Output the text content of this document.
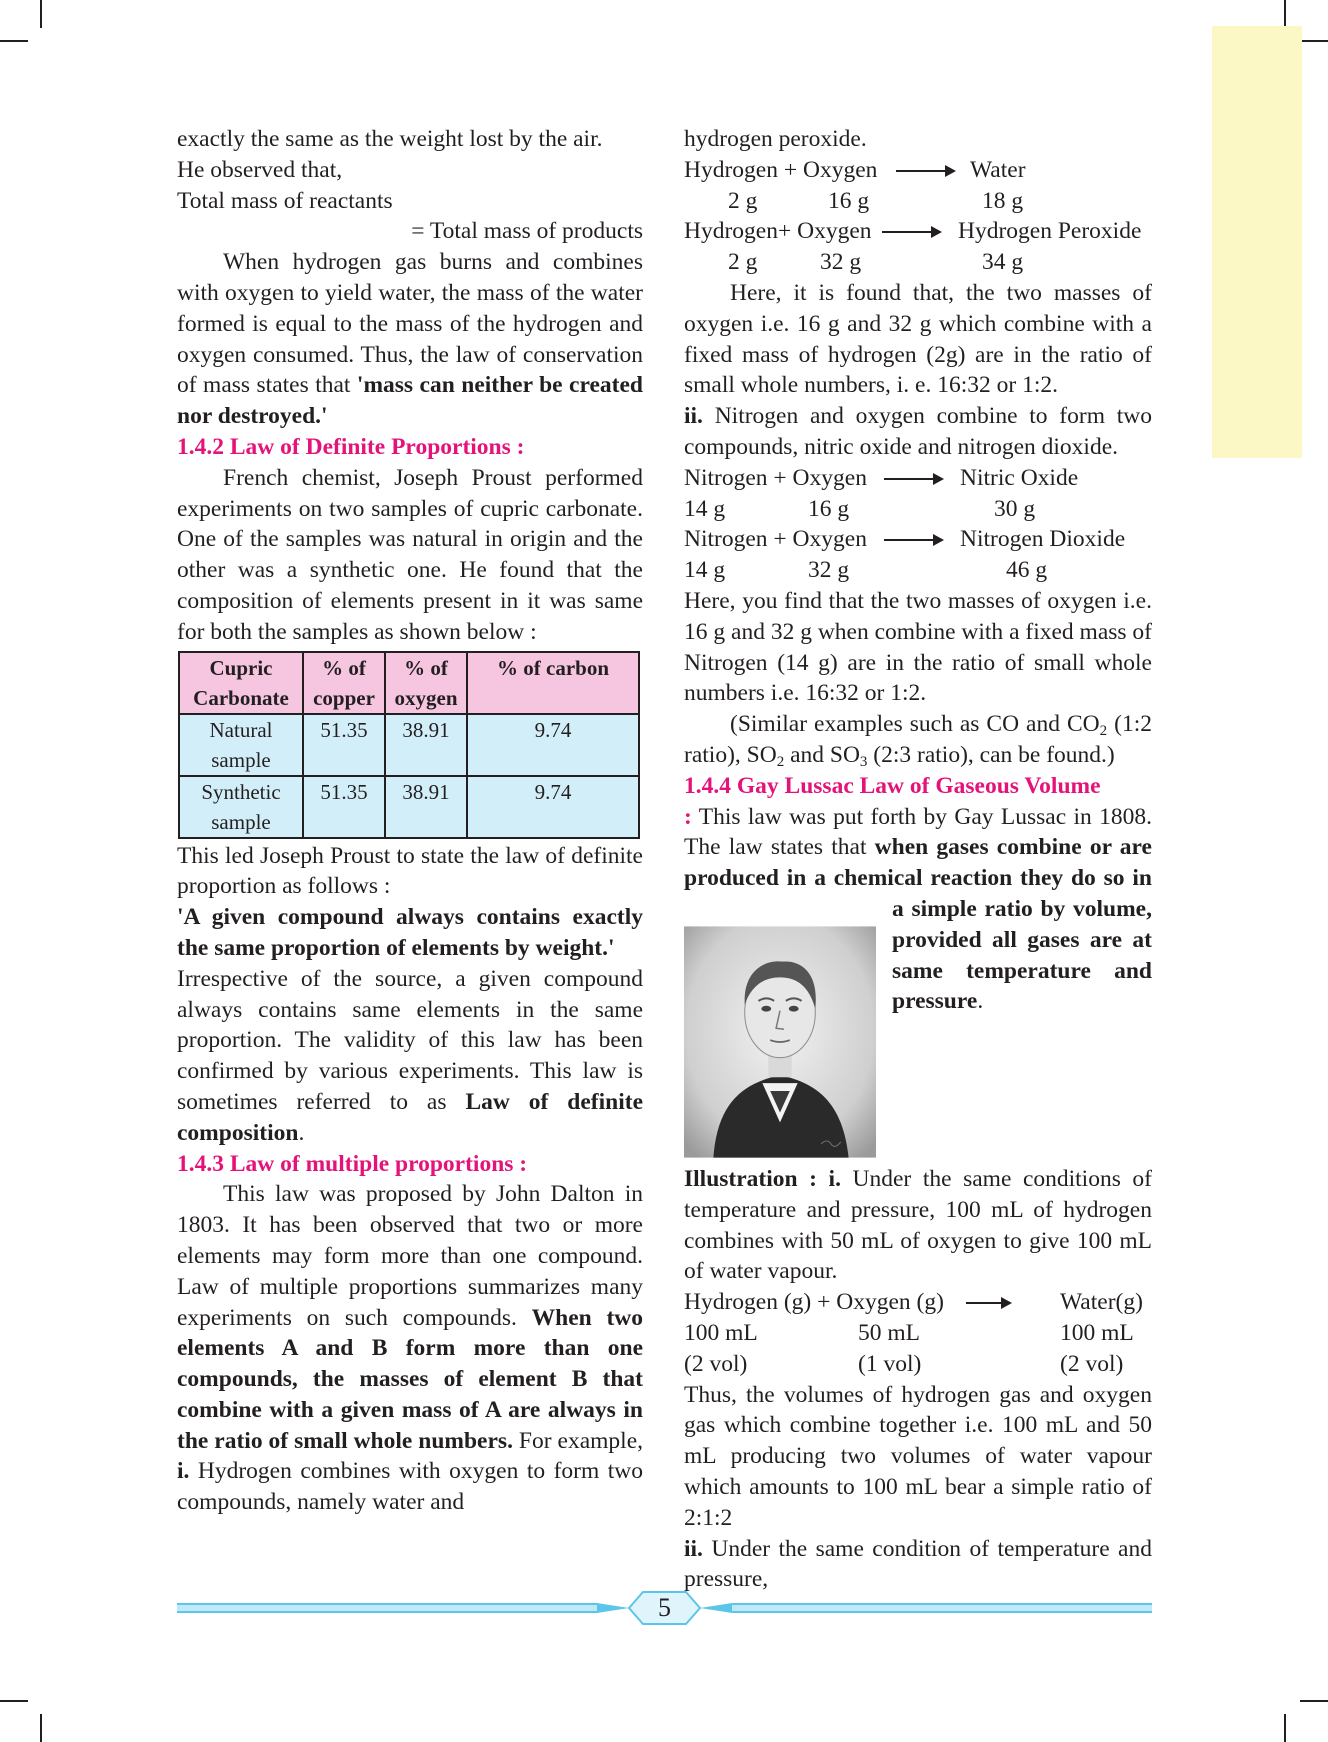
exactly the same as the weight lost by the air.

He observed that,

Total mass of reactants

= Total mass of products

When hydrogen gas burns and combines with oxygen to yield water, the mass of the water formed is equal to the mass of the hydrogen and oxygen consumed. Thus, the law of conservation of mass states that 'mass can neither be created nor destroyed.'

1.4.2 Law of Definite Proportions :

French chemist, Joseph Proust performed experiments on two samples of cupric carbonate. One of the samples was natural in origin and the other was a synthetic one. He found that the composition of elements present in it was same for both the samples as shown below :

Cupric Carbonate	% of copper	% of oxygen	% of carbon
Natural sample	51.35	38.91	9.74
Synthetic sample	51.35	38.91	9.74

This led Joseph Proust to state the law of definite proportion as follows :

'A given compound always contains exactly the same proportion of elements by weight.'

Irrespective of the source, a given compound always contains same elements in the same proportion. The validity of this law has been confirmed by various experiments. This law is sometimes referred to as Law of definite composition.

1.4.3 Law of multiple proportions :

This law was proposed by John Dalton in 1803. It has been observed that two or more elements may form more than one compound. Law of multiple proportions summarizes many experiments on such compounds. When two elements A and B form more than one compounds, the masses of element B that combine with a given mass of A are always in the ratio of small whole numbers. For example, i. Hydrogen combines with oxygen to form two compounds, namely water and

hydrogen peroxide.

Hydrogen + Oxygen → Water
2 g	16 g	18 g
Hydrogen+ Oxygen → Hydrogen Peroxide
2 g	32 g	34 g

Here, it is found that, the two masses of oxygen i.e. 16 g and 32 g which combine with a fixed mass of hydrogen (2g) are in the ratio of small whole numbers, i. e. 16:32 or 1:2.

ii. Nitrogen and oxygen combine to form two compounds, nitric oxide and nitrogen dioxide.

Nitrogen + Oxygen → Nitric Oxide
14 g	16 g	30 g
Nitrogen + Oxygen → Nitrogen Dioxide
14 g	32 g	46 g

Here, you find that the two masses of oxygen i.e. 16 g and 32 g when combine with a fixed mass of Nitrogen (14 g) are in the ratio of small whole numbers i.e. 16:32 or 1:2.

(Similar examples such as CO and $CO_2$ (1:2 ratio), $SO_2$ and $SO_3$ (2:3 ratio), can be found.)

1.4.4 Gay Lussac Law of Gaseous Volume

: This law was put forth by Gay Lussac in 1808. The law states that when gases combine or are produced in a chemical reaction they do so in a simple ratio by volume, provided all gases are at same temperature and pressure.

Illustration : i. Under the same conditions of temperature and pressure, 100 mL of hydrogen combines with 50 mL of oxygen to give 100 mL of water vapour.

Hydrogen (g) + Oxygen (g) → Water(g)
100 mL	50 mL	100 mL
(2 vol)	(1 vol)	(2 vol)

Thus, the volumes of hydrogen gas and oxygen gas which combine together i.e. 100 mL and 50 mL producing two volumes of water vapour which amounts to 100 mL bear a simple ratio of 2:1:2

ii. Under the same condition of temperature and pressure,

5
